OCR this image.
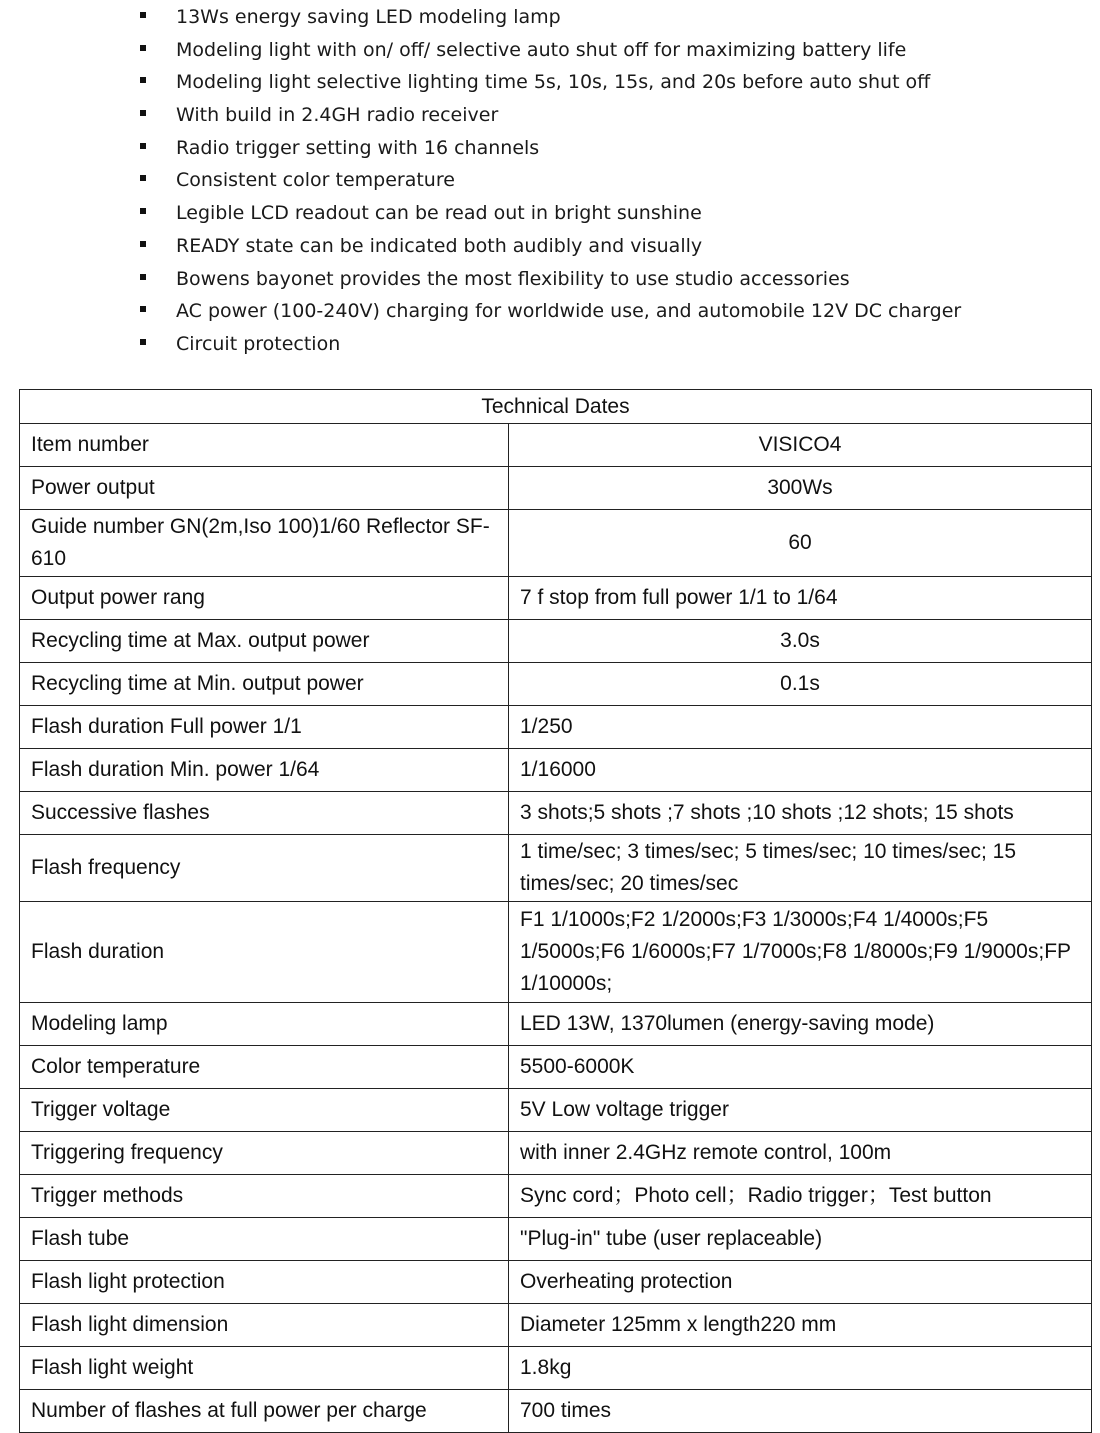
13Ws energy saving LED modeling lamp
Modeling light with on/ off/ selective auto shut off for maximizing battery life
Modeling light selective lighting time 5s, 10s, 15s, and 20s before auto shut off
With build in 2.4GH radio receiver
Radio trigger setting with 16 channels
Consistent color temperature
Legible LCD readout can be read out in bright sunshine
READY state can be indicated both audibly and visually
Bowens bayonet provides the most flexibility to use studio accessories
AC power (100-240V) charging for worldwide use, and automobile 12V DC charger
Circuit protection
Technical Dates	
Item number	VISICO4
Power output	300Ws
Guide number GN(2m,Iso 100)1/60 Reflector SF-610	60
Output power rang	7 f stop from full power 1/1 to 1/64
Recycling time at Max. output power	3.0s
Recycling time at Min. output power	0.1s
Flash duration Full power 1/1	1/250
Flash duration Min. power 1/64	1/16000
Successive flashes	3 shots;5 shots ;7 shots ;10 shots ;12 shots; 15 shots
Flash frequency	1 time/sec; 3 times/sec; 5 times/sec; 10 times/sec; 15 times/sec; 20 times/sec
Flash duration	F1 1/1000s;F2 1/2000s;F3 1/3000s;F4 1/4000s;F5 1/5000s;F6 1/6000s;F7 1/7000s;F8 1/8000s;F9 1/9000s;FP 1/10000s;
Modeling lamp	LED 13W, 1370lumen (energy-saving mode)
Color temperature	5500-6000K
Trigger voltage	5V Low voltage trigger
Triggering frequency	with inner 2.4GHz remote control, 100m
Trigger methods	Sync cord；Photo cell；Radio trigger；Test button
Flash tube	"Plug-in" tube (user replaceable)
Flash light protection	Overheating protection
Flash light dimension	Diameter 125mm x length220 mm
Flash light weight	1.8kg
Number of flashes at full power per charge	700 times
